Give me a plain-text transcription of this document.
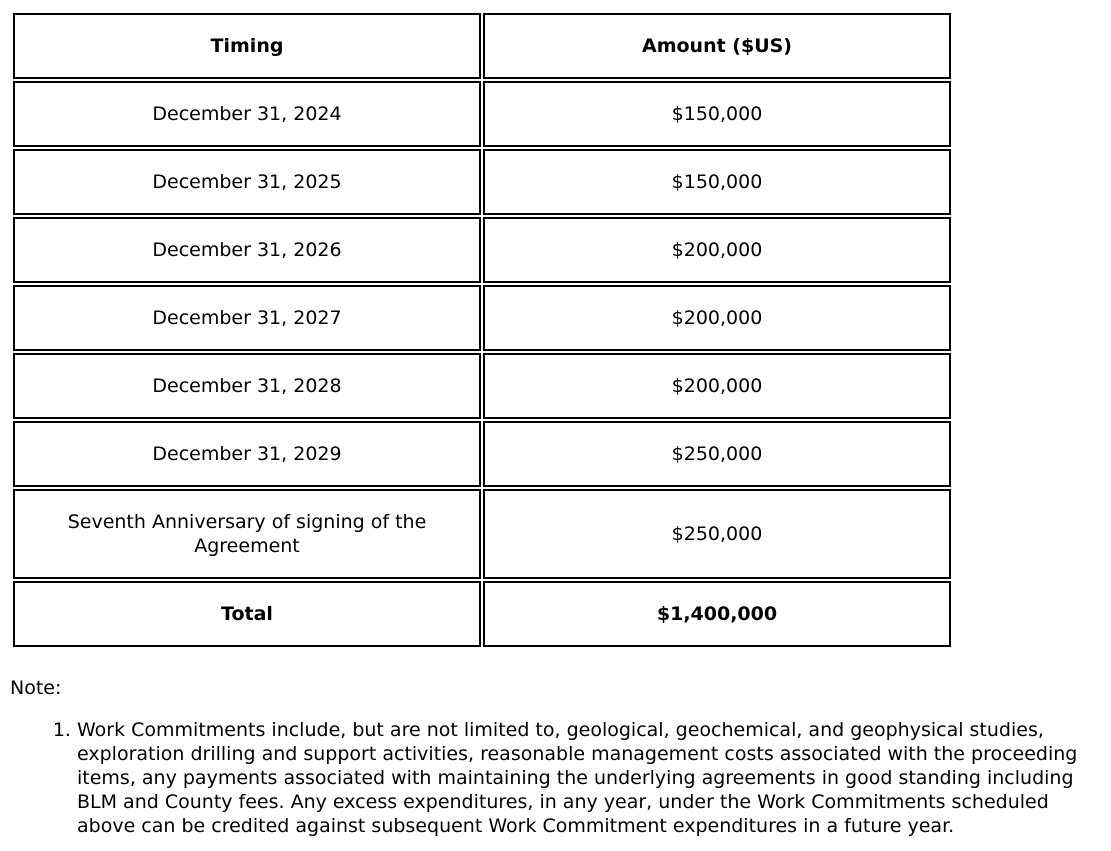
Timing	Amount ($US)
December 31, 2024	$150,000
December 31, 2025	$150,000
December 31, 2026	$200,000
December 31, 2027	$200,000
December 31, 2028	$200,000
December 31, 2029	$250,000
Seventh Anniversary of signing of the Agreement	$250,000
Total	$1,400,000

Note:

1. Work Commitments include, but are not limited to, geological, geochemical, and geophysical studies, exploration drilling and support activities, reasonable management costs associated with the proceeding items, any payments associated with maintaining the underlying agreements in good standing including BLM and County fees. Any excess expenditures, in any year, under the Work Commitments scheduled above can be credited against subsequent Work Commitment expenditures in a future year.
